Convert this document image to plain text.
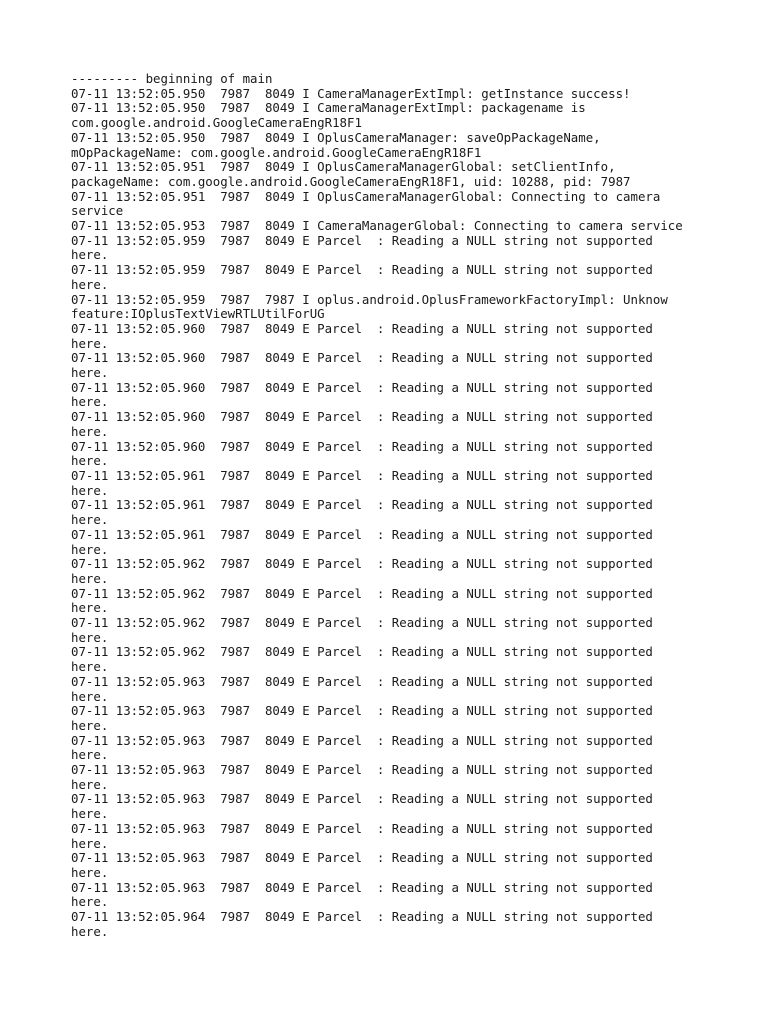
--------- beginning of main
07-11 13:52:05.950  7987  8049 I CameraManagerExtImpl: getInstance success!
07-11 13:52:05.950  7987  8049 I CameraManagerExtImpl: packagename is
com.google.android.GoogleCameraEngR18F1
07-11 13:52:05.950  7987  8049 I OplusCameraManager: saveOpPackageName,
mOpPackageName: com.google.android.GoogleCameraEngR18F1
07-11 13:52:05.951  7987  8049 I OplusCameraManagerGlobal: setClientInfo,
packageName: com.google.android.GoogleCameraEngR18F1, uid: 10288, pid: 7987
07-11 13:52:05.951  7987  8049 I OplusCameraManagerGlobal: Connecting to camera
service
07-11 13:52:05.953  7987  8049 I CameraManagerGlobal: Connecting to camera service
07-11 13:52:05.959  7987  8049 E Parcel  : Reading a NULL string not supported
here.
07-11 13:52:05.959  7987  8049 E Parcel  : Reading a NULL string not supported
here.
07-11 13:52:05.959  7987  7987 I oplus.android.OplusFrameworkFactoryImpl: Unknow
feature:IOplusTextViewRTLUtilForUG
07-11 13:52:05.960  7987  8049 E Parcel  : Reading a NULL string not supported
here.
07-11 13:52:05.960  7987  8049 E Parcel  : Reading a NULL string not supported
here.
07-11 13:52:05.960  7987  8049 E Parcel  : Reading a NULL string not supported
here.
07-11 13:52:05.960  7987  8049 E Parcel  : Reading a NULL string not supported
here.
07-11 13:52:05.960  7987  8049 E Parcel  : Reading a NULL string not supported
here.
07-11 13:52:05.961  7987  8049 E Parcel  : Reading a NULL string not supported
here.
07-11 13:52:05.961  7987  8049 E Parcel  : Reading a NULL string not supported
here.
07-11 13:52:05.961  7987  8049 E Parcel  : Reading a NULL string not supported
here.
07-11 13:52:05.962  7987  8049 E Parcel  : Reading a NULL string not supported
here.
07-11 13:52:05.962  7987  8049 E Parcel  : Reading a NULL string not supported
here.
07-11 13:52:05.962  7987  8049 E Parcel  : Reading a NULL string not supported
here.
07-11 13:52:05.962  7987  8049 E Parcel  : Reading a NULL string not supported
here.
07-11 13:52:05.963  7987  8049 E Parcel  : Reading a NULL string not supported
here.
07-11 13:52:05.963  7987  8049 E Parcel  : Reading a NULL string not supported
here.
07-11 13:52:05.963  7987  8049 E Parcel  : Reading a NULL string not supported
here.
07-11 13:52:05.963  7987  8049 E Parcel  : Reading a NULL string not supported
here.
07-11 13:52:05.963  7987  8049 E Parcel  : Reading a NULL string not supported
here.
07-11 13:52:05.963  7987  8049 E Parcel  : Reading a NULL string not supported
here.
07-11 13:52:05.963  7987  8049 E Parcel  : Reading a NULL string not supported
here.
07-11 13:52:05.963  7987  8049 E Parcel  : Reading a NULL string not supported
here.
07-11 13:52:05.964  7987  8049 E Parcel  : Reading a NULL string not supported
here.
